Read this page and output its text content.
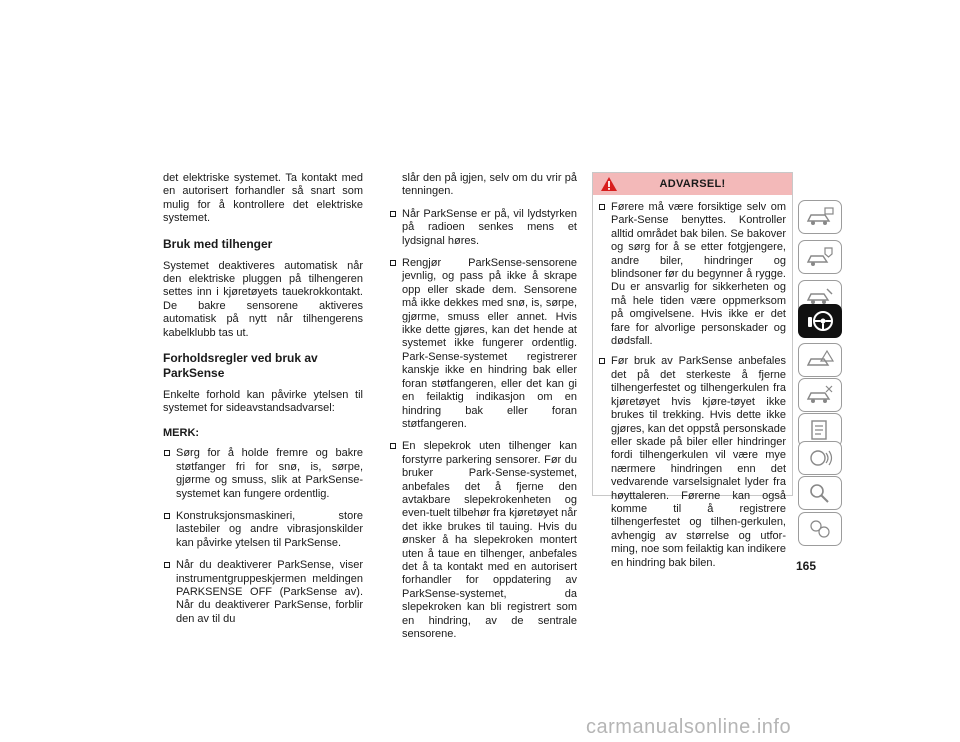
det elektriske systemet. Ta kontakt med en autorisert forhandler så snart som mulig for å kontrollere det elektriske systemet.

Bruk med tilhenger

Systemet deaktiveres automatisk når den elektriske pluggen på tilhengeren settes inn i kjøretøyets tauekrokkontakt. De bakre sensorene aktiveres automatisk på nytt når tilhengerens kabelklubb tas ut.

Forholdsregler ved bruk av ParkSense

Enkelte forhold kan påvirke ytelsen til systemet for sideavstandsadvarsel:

MERK:

Sørg for å holde fremre og bakre støtfanger fri for snø, is, sørpe, gjørme og smuss, slik at ParkSense-systemet kan fungere ordentlig.
Konstruksjonsmaskineri, store lastebiler og andre vibrasjonskilder kan påvirke ytelsen til ParkSense.
Når du deaktiverer ParkSense, viser instrumentgruppeskjermen meldingen PARKSENSE OFF (ParkSense av). Når du deaktiverer ParkSense, forblir den av til du

slår den på igjen, selv om du vrir på tenningen.

Når ParkSense er på, vil lydstyrken på radioen senkes mens et lydsignal høres.
Rengjør ParkSense-sensorene jevnlig, og pass på ikke å skrape opp eller skade dem. Sensorene må ikke dekkes med snø, is, sørpe, gjørme, smuss eller annet. Hvis ikke dette gjøres, kan det hende at systemet ikke fungerer ordentlig. Park-Sense-systemet registrerer kanskje ikke en hindring bak eller foran støtfangeren, eller det kan gi en feilaktig indikasjon om en hindring bak eller foran støtfangeren.
En slepekrok uten tilhenger kan forstyrre parkering sensorer. Før du bruker Park-Sense-systemet, anbefales det å fjerne den avtakbare slepekrokenheten og even-tuelt tilbehør fra kjøretøyet når det ikke brukes til tauing. Hvis du ønsker å ha slepekroken montert uten å taue en tilhenger, anbefales det å ta kontakt med en autorisert forhandler for oppdatering av ParkSense-systemet, da slepekroken kan bli registrert som en hindring, av de sentrale sensorene.
ADVARSEL!
Førere må være forsiktige selv om Park-Sense benyttes. Kontroller alltid området bak bilen. Se bakover og sørg for å se etter fotgjengere, andre biler, hindringer og blindsoner før du begynner å rygge. Du er ansvarlig for sikkerheten og må hele tiden være oppmerksom på omgivelsene. Hvis ikke er det fare for alvorlige personskader og dødsfall.
Før bruk av ParkSense anbefales det på det sterkeste å fjerne tilhengerfestet og tilhengerkulen fra kjøretøyet hvis kjøre-tøyet ikke brukes til trekking. Hvis dette ikke gjøres, kan det oppstå personskade eller skade på biler eller hindringer fordi tilhengerkulen vil være mye nærmere hindringen enn det vedvarende varselsignalet lyder fra høyttaleren. Førerne kan også komme til å registrere tilhengerfestet og tilhen-gerkulen, avhengig av størrelse og utfor-ming, noe som feilaktig kan indikere en hindring bak bilen.	165
carmanualsonline.info
